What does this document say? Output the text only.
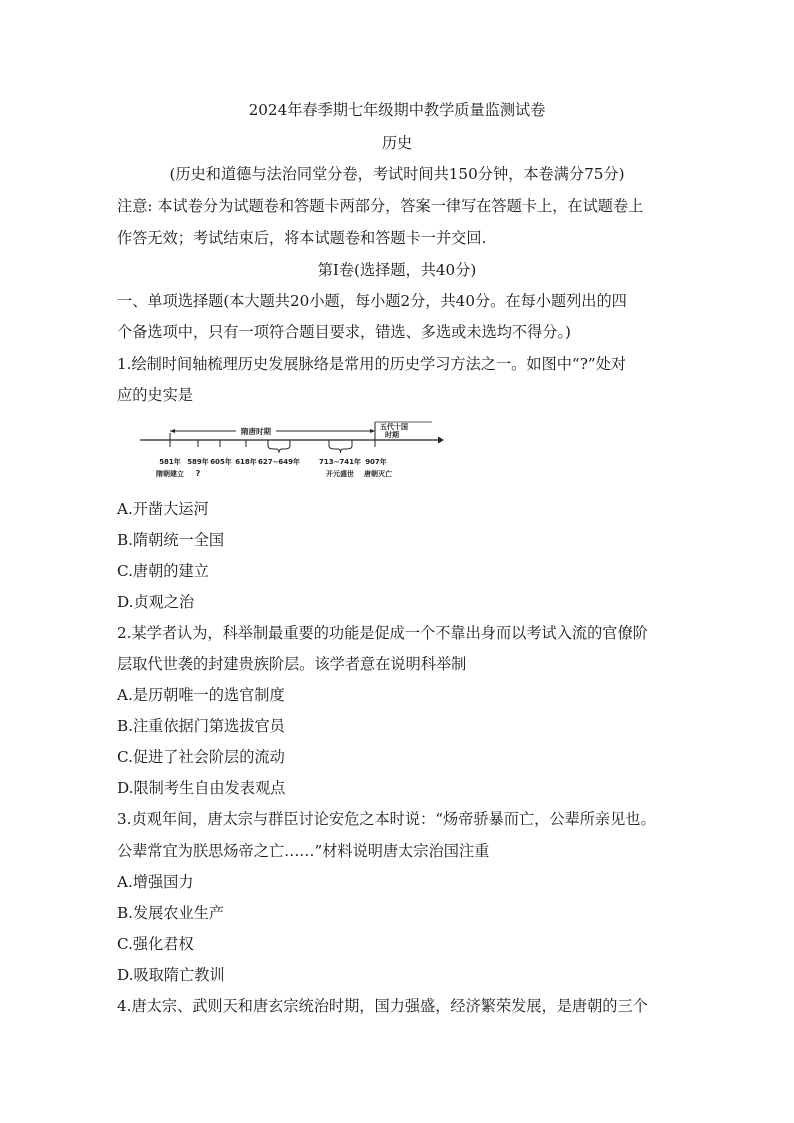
2024年春季期七年级期中教学质量监测试卷
历史
(历史和道德与法治同堂分卷，考试时间共150分钟，本卷满分75分)
注意: 本试卷分为试题卷和答题卡两部分，答案一律写在答题卡上，在试题卷上
作答无效；考试结束后，将本试题卷和答题卡一并交回.
第Ⅰ卷(选择题，共40分)
一、单项选择题(本大题共20小题，每小题2分，共40分。在每小题列出的四
个备选项中，只有一项符合题目要求，错选、多选或未选均不得分。)
1.绘制时间轴梳理历史发展脉络是常用的历史学习方法之一。如图中“?”处对
应的史实是
隋唐时期	五代十国
时期
581年 589年 605年 618年 627~649年	713~741年 907年
隋朝建立 ?	开元盛世 唐朝灭亡
A.开凿大运河
B.隋朝统一全国
C.唐朝的建立
D.贞观之治
2.某学者认为，科举制最重要的功能是促成一个不靠出身而以考试入流的官僚阶
层取代世袭的封建贵族阶层。该学者意在说明科举制
A.是历朝唯一的选官制度
B.注重依据门第选拔官员
C.促进了社会阶层的流动
D.限制考生自由发表观点
3.贞观年间，唐太宗与群臣讨论安危之本时说：“炀帝骄暴而亡，公辈所亲见也。
公辈常宜为朕思炀帝之亡……”材料说明唐太宗治国注重
A.增强国力
B.发展农业生产
C.强化君权
D.吸取隋亡教训
4.唐太宗、武则天和唐玄宗统治时期，国力强盛，经济繁荣发展，是唐朝的三个
